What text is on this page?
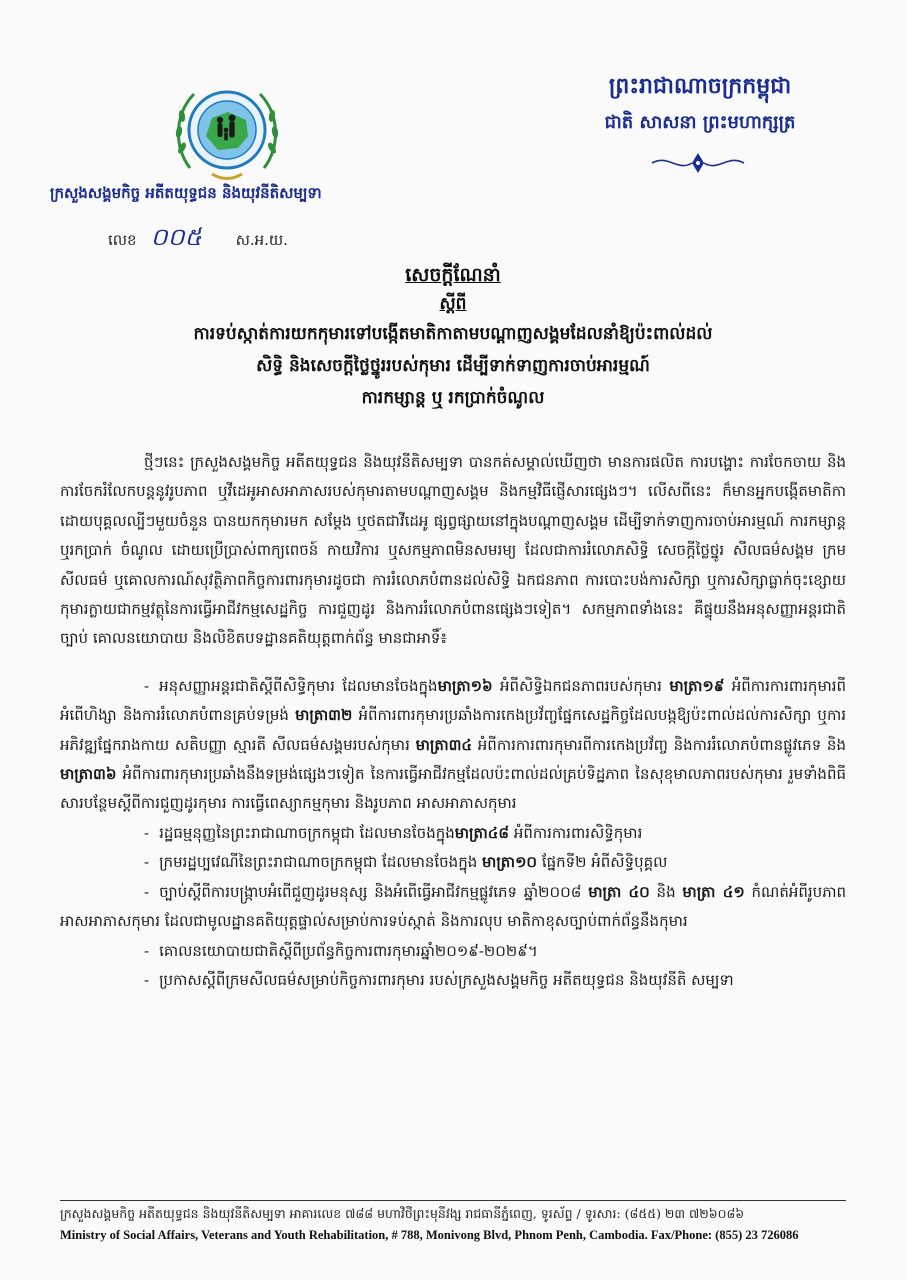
ក្រសួងសង្គមកិច្ច អតីតយុទ្ធជន និងយុវនីតិសម្បទា
លេខ ០០៥ ស.អ.យ.
ព្រះរាជាណាចក្រកម្ពុជា
ជាតិ សាសនា ព្រះមហាក្សត្រ
សេចក្តីណែនាំ
ស្តីពី
ការទប់ស្កាត់ការយកកុមារទៅបង្កើតមាតិកាតាមបណ្តាញសង្គមដែលនាំឱ្យប៉ះពាល់ដល់
សិទ្ធិ និងសេចក្តីថ្លៃថ្នូររបស់កុមារ ដើម្បីទាក់ទាញការចាប់អារម្មណ៍
ការកម្សាន្ត ឬ រកប្រាក់ចំណូល

ថ្មីៗនេះ ក្រសួងសង្គមកិច្ច អតីតយុទ្ធជន និងយុវនីតិសម្បទា បានកត់សម្គាល់ឃើញថា មានការផលិត ការបង្ហោះ ការចែកចាយ និងការចែករំលែកបន្តនូវរូបភាព ឬវីដេអូអាសអាភាសរបស់កុមារតាមបណ្តាញសង្គម និងកម្មវិធីផ្ញើសារផ្សេងៗ។ លើសពីនេះ ក៏មានអ្នកបង្កើតមាតិកា ដោយបុគ្គលល្បីៗមួយចំនួន បានយកកុមារមក សម្តែង ឬថតជាវីដេអូ ផ្សព្វផ្សាយនៅក្នុងបណ្តាញសង្គម ដើម្បីទាក់ទាញការចាប់អារម្មណ៍ ការកម្សាន្ត ឬរកប្រាក់ ចំណូល ដោយប្រើប្រាស់ពាក្យពេចន៍ កាយវិការ ឬសកម្មភាពមិនសមរម្យ ដែលជាការរំលោភសិទ្ធិ សេចក្តីថ្លៃថ្នូរ សីលធម៌សង្គម ក្រមសីលធម៌ ឬគោលការណ៍សុវត្ថិភាពកិច្ចការពារកុមារដូចជា ការរំលោភបំពានដល់សិទ្ធិ ឯកជនភាព ការបោះបង់ការសិក្សា ឬការសិក្សាធ្លាក់ចុះខ្សោយ កុមារក្លាយជាកម្មវត្ថុនៃការធ្វើអាជីវកម្មសេដ្ឋកិច្ច ការជួញដូរ និងការរំលោភបំពានផ្សេងៗទៀត។ សកម្មភាពទាំងនេះ គឺផ្ទុយនឹងអនុសញ្ញាអន្តរជាតិ ច្បាប់ គោលនយោបាយ និងលិខិតបទដ្ឋានគតិយុត្តពាក់ព័ន្ធ មានជាអាទិ៍៖

- អនុសញ្ញាអន្តរជាតិស្តីពីសិទ្ធិកុមារ ដែលមានចែងក្នុងមាត្រា១៦ អំពីសិទ្ធិឯកជនភាពរបស់កុមារ មាត្រា១៩ អំពីការការពារកុមារពីអំពើហិង្សា និងការរំលោភបំពានគ្រប់ទម្រង់ មាត្រា៣២ អំពីការពារកុមារប្រឆាំងការកេងប្រវ័ញ្ចផ្នែកសេដ្ឋកិច្ចដែលបង្កឱ្យប៉ះពាល់ដល់ការសិក្សា ឬការអភិវឌ្ឍផ្នែករាងកាយ សតិបញ្ញា ស្មារតី សីលធម៌សង្គមរបស់កុមារ មាត្រា៣៤ អំពីការការពារកុមារពីការកេងប្រវ័ញ្ច និងការរំលោភបំពានផ្លូវភេទ និងមាត្រា៣៦ អំពីការពារកុមារប្រឆាំងនឹងទម្រង់ផ្សេងៗទៀត នៃការធ្វើអាជីវកម្មដែលប៉ះពាល់ដល់គ្រប់ទិដ្ឋភាព នៃសុខុមាលភាពរបស់កុមារ រួមទាំងពិធីសារបន្ថែមស្តីពីការជួញដូរកុមារ ការធ្វើពេស្យាកម្មកុមារ និងរូបភាព អាសអាភាសកុមារ

- រដ្ឋធម្មនុញ្ញនៃព្រះរាជាណាចក្រកម្ពុជា ដែលមានចែងក្នុងមាត្រា៤៨ អំពីការការពារសិទ្ធិកុមារ

- ក្រមរដ្ឋប្បវេណីនៃព្រះរាជាណាចក្រកម្ពុជា ដែលមានចែងក្នុង មាត្រា១០ ផ្នែកទី២ អំពីសិទ្ធិបុគ្គល

- ច្បាប់ស្តីពីការបង្ក្រាបអំពើជួញដូរមនុស្ស និងអំពើធ្វើអាជីវកម្មផ្លូវភេទ ឆ្នាំ២០០៨ មាត្រា ៤០ និង មាត្រា ៤១ កំណត់អំពីរូបភាពអាសអាភាសកុមារ ដែលជាមូលដ្ឋានគតិយុត្តផ្ទាល់សម្រាប់ការទប់ស្កាត់ និងការលុប មាតិកាខុសច្បាប់ពាក់ព័ន្ធនឹងកុមារ

- គោលនយោបាយជាតិស្តីពីប្រព័ន្ធកិច្ចការពារកុមារឆ្នាំ២០១៩-២០២៩។

- ប្រកាសស្តីពីក្រមសីលធម៌សម្រាប់កិច្ចការពារកុមារ របស់ក្រសួងសង្គមកិច្ច អតីតយុទ្ធជន និងយុវនីតិ សម្បទា

ក្រសួងសង្គមកិច្ច អតីតយុទ្ធជន និងយុវនីតិសម្បទា អាគារលេខ ៧៨៨ មហាវិថីព្រះមុនីវង្ស រាជធានីភ្នំពេញ, ទូរស័ព្ទ / ទូរសារ: (៨៥៥) ២៣ ៧២៦០៨៦
Ministry of Social Affairs, Veterans and Youth Rehabilitation, # 788, Monivong Blvd, Phnom Penh, Cambodia. Fax/Phone: (855) 23 726086
